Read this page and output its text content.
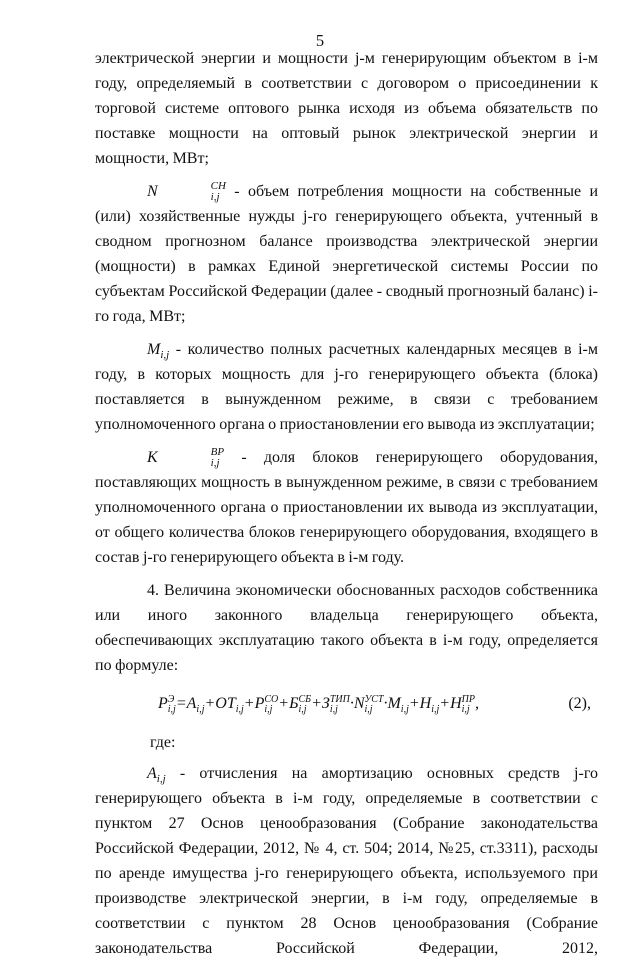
5

электрической энергии и мощности j-м генерирующим объектом в i-м году, определяемый в соответствии с договором о присоединении к торговой системе оптового рынка исходя из объема обязательств по поставке мощности на оптовый рынок электрической энергии и мощности, МВт;

N	СН
i,j - объем потребления мощности на собственные и (или) хозяйственные нужды j-го генерирующего объекта, учтенный в сводном прогнозном балансе производства электрической энергии (мощности) в рамках Единой энергетической системы России по субъектам Российской Федерации (далее - сводный прогнозный баланс) i-го года, МВт;

$M_{i,j}$ - количество полных расчетных календарных месяцев в i-м году, в которых мощность для j-го генерирующего объекта (блока) поставляется в вынужденном режиме, в связи с требованием уполномоченного органа о приостановлении его вывода из эксплуатации;

K	ВР
i,j - доля блоков генерирующего оборудования, поставляющих мощность в вынужденном режиме, в связи с требованием уполномоченного органа о приостановлении их вывода из эксплуатации, от общего количества блоков генерирующего оборудования, входящего в состав j-го генерирующего объекта в i-м году.

4. Величина экономически обоснованных расходов собственника или иного законного владельца генерирующего объекта, обеспечивающих эксплуатацию такого объекта в i-м году, определяется по формуле:

P Э
$i,j =A_{i,j}+OT_{i,j}+P$ CO
i,j +Б СБ
i,j +З ТИП
i,j ·N УСТ
$i,j \cdot M_{i,j}+H_{i,j}+H$ ПР
i,j ,	(2),

где:

$A_{i,j}$ - отчисления на амортизацию основных средств j-го генерирующего объекта в i-м году, определяемые в соответствии с пунктом 27 Основ ценообразования (Собрание законодательства Российской Федерации, 2012, № 4, ст. 504; 2014, №25, ст.3311), расходы по аренде имущества j-го генерирующего объекта, используемого при производстве электрической энергии, в i-м году, определяемые в соответствии с пунктом 28 Основ ценообразования (Собрание законодательства Российской Федерации, 2012,
